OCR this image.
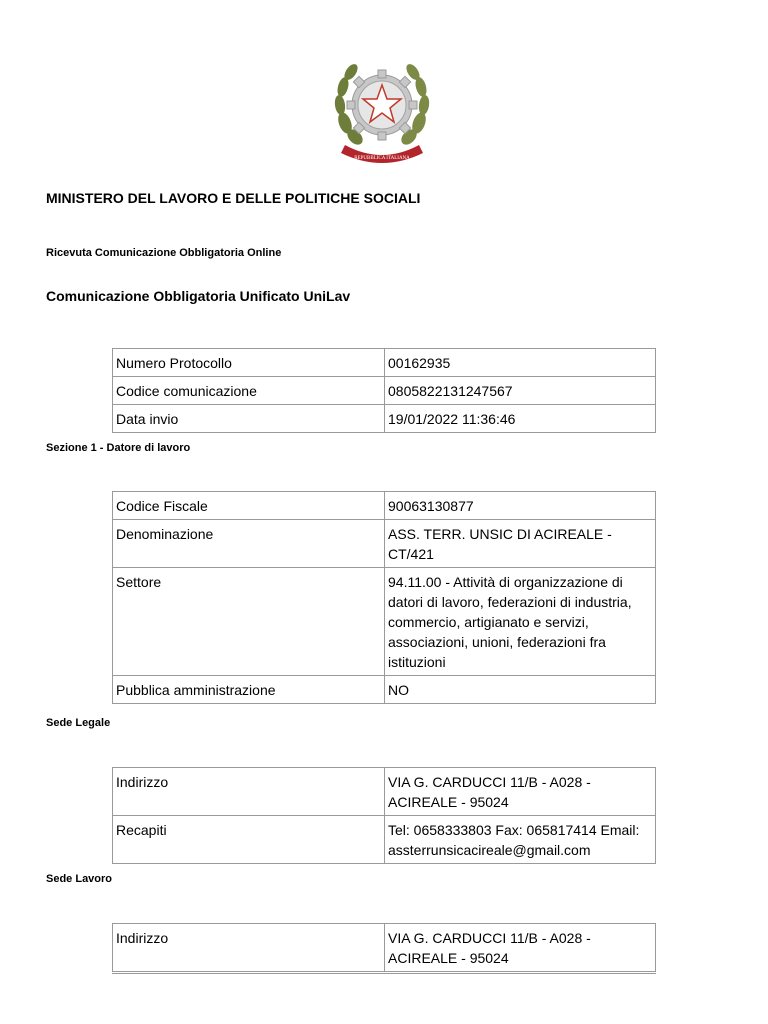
REPUBBLICA ITALIANA
MINISTERO DEL LAVORO E DELLE POLITICHE SOCIALI
Ricevuta Comunicazione Obbligatoria Online
Comunicazione Obbligatoria Unificato UniLav
Numero Protocollo	00162935
Codice comunicazione	0805822131247567
Data invio	19/01/2022 11:36:46
Sezione 1 - Datore di lavoro
Codice Fiscale	90063130877
Denominazione	ASS. TERR. UNSIC DI ACIREALE - CT/421
Settore	94.11.00 - Attività di organizzazione di datori di lavoro, federazioni di industria, commercio, artigianato e servizi, associazioni, unioni, federazioni fra istituzioni
Pubblica amministrazione	NO
Sede Legale
Indirizzo	VIA G. CARDUCCI 11/B - A028 - ACIREALE - 95024
Recapiti	Tel: 0658333803 Fax: 065817414 Email: assterrunsicacireale@gmail.com
Sede Lavoro
Indirizzo	VIA G. CARDUCCI 11/B - A028 - ACIREALE - 95024
